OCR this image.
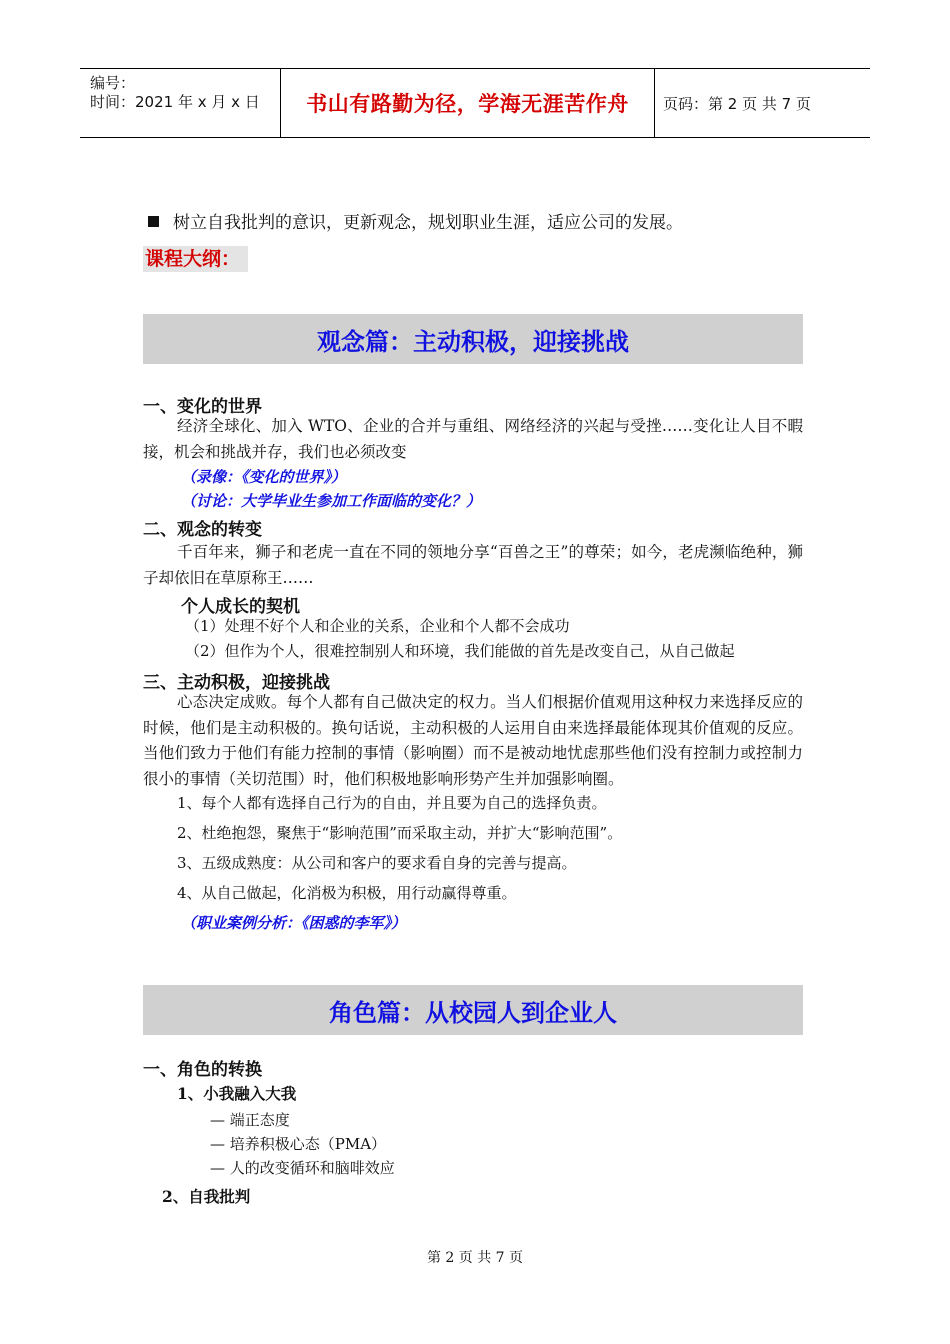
编号：
时间：2021 年 x 月 x 日 书山有路勤为径，学海无涯苦作舟 页码：第 2 页 共 7 页
树立自我批判的意识，更新观念，规划职业生涯，适应公司的发展。
课程大纲：
观念篇：主动积极，迎接挑战
一、变化的世界
经济全球化、加入 WTO、企业的合并与重组、网络经济的兴起与受挫……变化让人目不暇接，机会和挑战并存，我们也必须改变
（录像：《变化的世界》）
（讨论：大学毕业生参加工作面临的变化？）
二、观念的转变
千百年来，狮子和老虎一直在不同的领地分享“百兽之王”的尊荣；如今，老虎濒临绝种，狮子却依旧在草原称王……
个人成长的契机
（1）处理不好个人和企业的关系，企业和个人都不会成功
（2）但作为个人，很难控制别人和环境，我们能做的首先是改变自己，从自己做起
三、主动积极，迎接挑战
心态决定成败。每个人都有自己做决定的权力。当人们根据价值观用这种权力来选择反应的时候，他们是主动积极的。换句话说，主动积极的人运用自由来选择最能体现其价值观的反应。当他们致力于他们有能力控制的事情（影响圈）而不是被动地忧虑那些他们没有控制力或控制力很小的事情（关切范围）时，他们积极地影响形势产生并加强影响圈。
1、每个人都有选择自己行为的自由，并且要为自己的选择负责。
2、杜绝抱怨，聚焦于“影响范围”而采取主动，并扩大“影响范围”。
3、五级成熟度：从公司和客户的要求看自身的完善与提高。
4、从自己做起，化消极为积极，用行动赢得尊重。
（职业案例分析：《困惑的李军》）
角色篇：从校园人到企业人
一、角色的转换
1、小我融入大我
— 端正态度
— 培养积极心态（PMA）
— 人的改变循环和脑啡效应
2、自我批判
第 2 页 共 7 页
